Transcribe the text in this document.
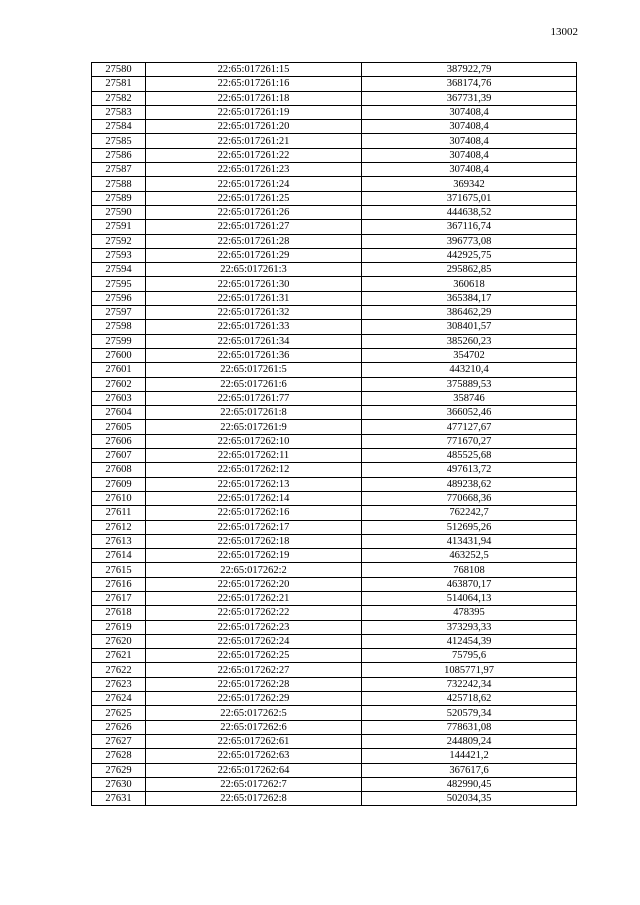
13002
27580	22:65:017261:15	387922,79
27581	22:65:017261:16	368174,76
27582	22:65:017261:18	367731,39
27583	22:65:017261:19	307408,4
27584	22:65:017261:20	307408,4
27585	22:65:017261:21	307408,4
27586	22:65:017261:22	307408,4
27587	22:65:017261:23	307408,4
27588	22:65:017261:24	369342
27589	22:65:017261:25	371675,01
27590	22:65:017261:26	444638,52
27591	22:65:017261:27	367116,74
27592	22:65:017261:28	396773,08
27593	22:65:017261:29	442925,75
27594	22:65:017261:3	295862,85
27595	22:65:017261:30	360618
27596	22:65:017261:31	365384,17
27597	22:65:017261:32	386462,29
27598	22:65:017261:33	308401,57
27599	22:65:017261:34	385260,23
27600	22:65:017261:36	354702
27601	22:65:017261:5	443210,4
27602	22:65:017261:6	375889,53
27603	22:65:017261:77	358746
27604	22:65:017261:8	366052,46
27605	22:65:017261:9	477127,67
27606	22:65:017262:10	771670,27
27607	22:65:017262:11	485525,68
27608	22:65:017262:12	497613,72
27609	22:65:017262:13	489238,62
27610	22:65:017262:14	770668,36
27611	22:65:017262:16	762242,7
27612	22:65:017262:17	512695,26
27613	22:65:017262:18	413431,94
27614	22:65:017262:19	463252,5
27615	22:65:017262:2	768108
27616	22:65:017262:20	463870,17
27617	22:65:017262:21	514064,13
27618	22:65:017262:22	478395
27619	22:65:017262:23	373293,33
27620	22:65:017262:24	412454,39
27621	22:65:017262:25	75795,6
27622	22:65:017262:27	1085771,97
27623	22:65:017262:28	732242,34
27624	22:65:017262:29	425718,62
27625	22:65:017262:5	520579,34
27626	22:65:017262:6	778631,08
27627	22:65:017262:61	244809,24
27628	22:65:017262:63	144421,2
27629	22:65:017262:64	367617,6
27630	22:65:017262:7	482990,45
27631	22:65:017262:8	502034,35
